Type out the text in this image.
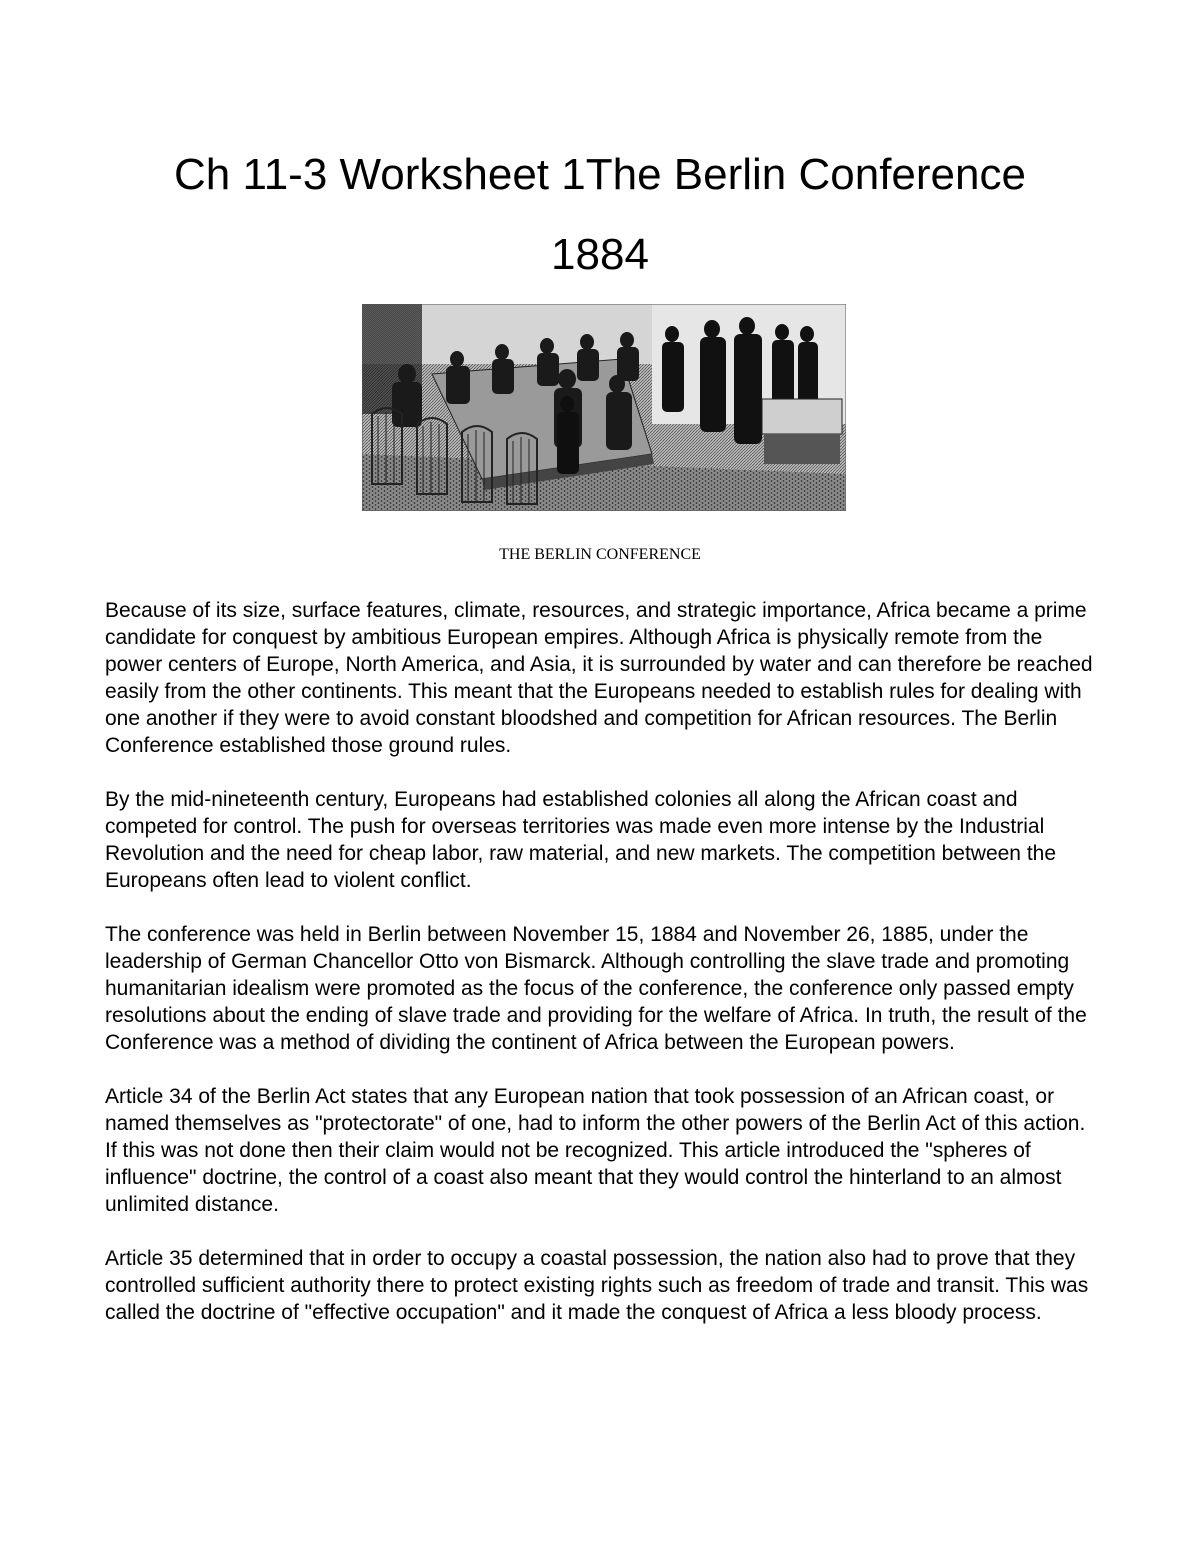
Ch 11-3 Worksheet 1The Berlin Conference
1884
THE BERLIN CONFERENCE

Because of its size, surface features, climate, resources, and strategic importance, Africa became a prime candidate for conquest by ambitious European empires. Although Africa is physically remote from the power centers of Europe, North America, and Asia, it is surrounded by water and can therefore be reached easily from the other continents. This meant that the Europeans needed to establish rules for dealing with one another if they were to avoid constant bloodshed and competition for African resources. The Berlin Conference established those ground rules.

By the mid-nineteenth century, Europeans had established colonies all along the African coast and competed for control. The push for overseas territories was made even more intense by the Industrial Revolution and the need for cheap labor, raw material, and new markets. The competition between the Europeans often lead to violent conflict.

The conference was held in Berlin between November 15, 1884 and November 26, 1885, under the leadership of German Chancellor Otto von Bismarck. Although controlling the slave trade and promoting humanitarian idealism were promoted as the focus of the conference, the conference only passed empty resolutions about the ending of slave trade and providing for the welfare of Africa. In truth, the result of the Conference was a method of dividing the continent of Africa between the European powers.

Article 34 of the Berlin Act states that any European nation that took possession of an African coast, or named themselves as "protectorate" of one, had to inform the other powers of the Berlin Act of this action. If this was not done then their claim would not be recognized. This article introduced the "spheres of influence" doctrine, the control of a coast also meant that they would control the hinterland to an almost unlimited distance.

Article 35 determined that in order to occupy a coastal possession, the nation also had to prove that they controlled sufficient authority there to protect existing rights such as freedom of trade and transit. This was called the doctrine of "effective occupation" and it made the conquest of Africa a less bloody process.
